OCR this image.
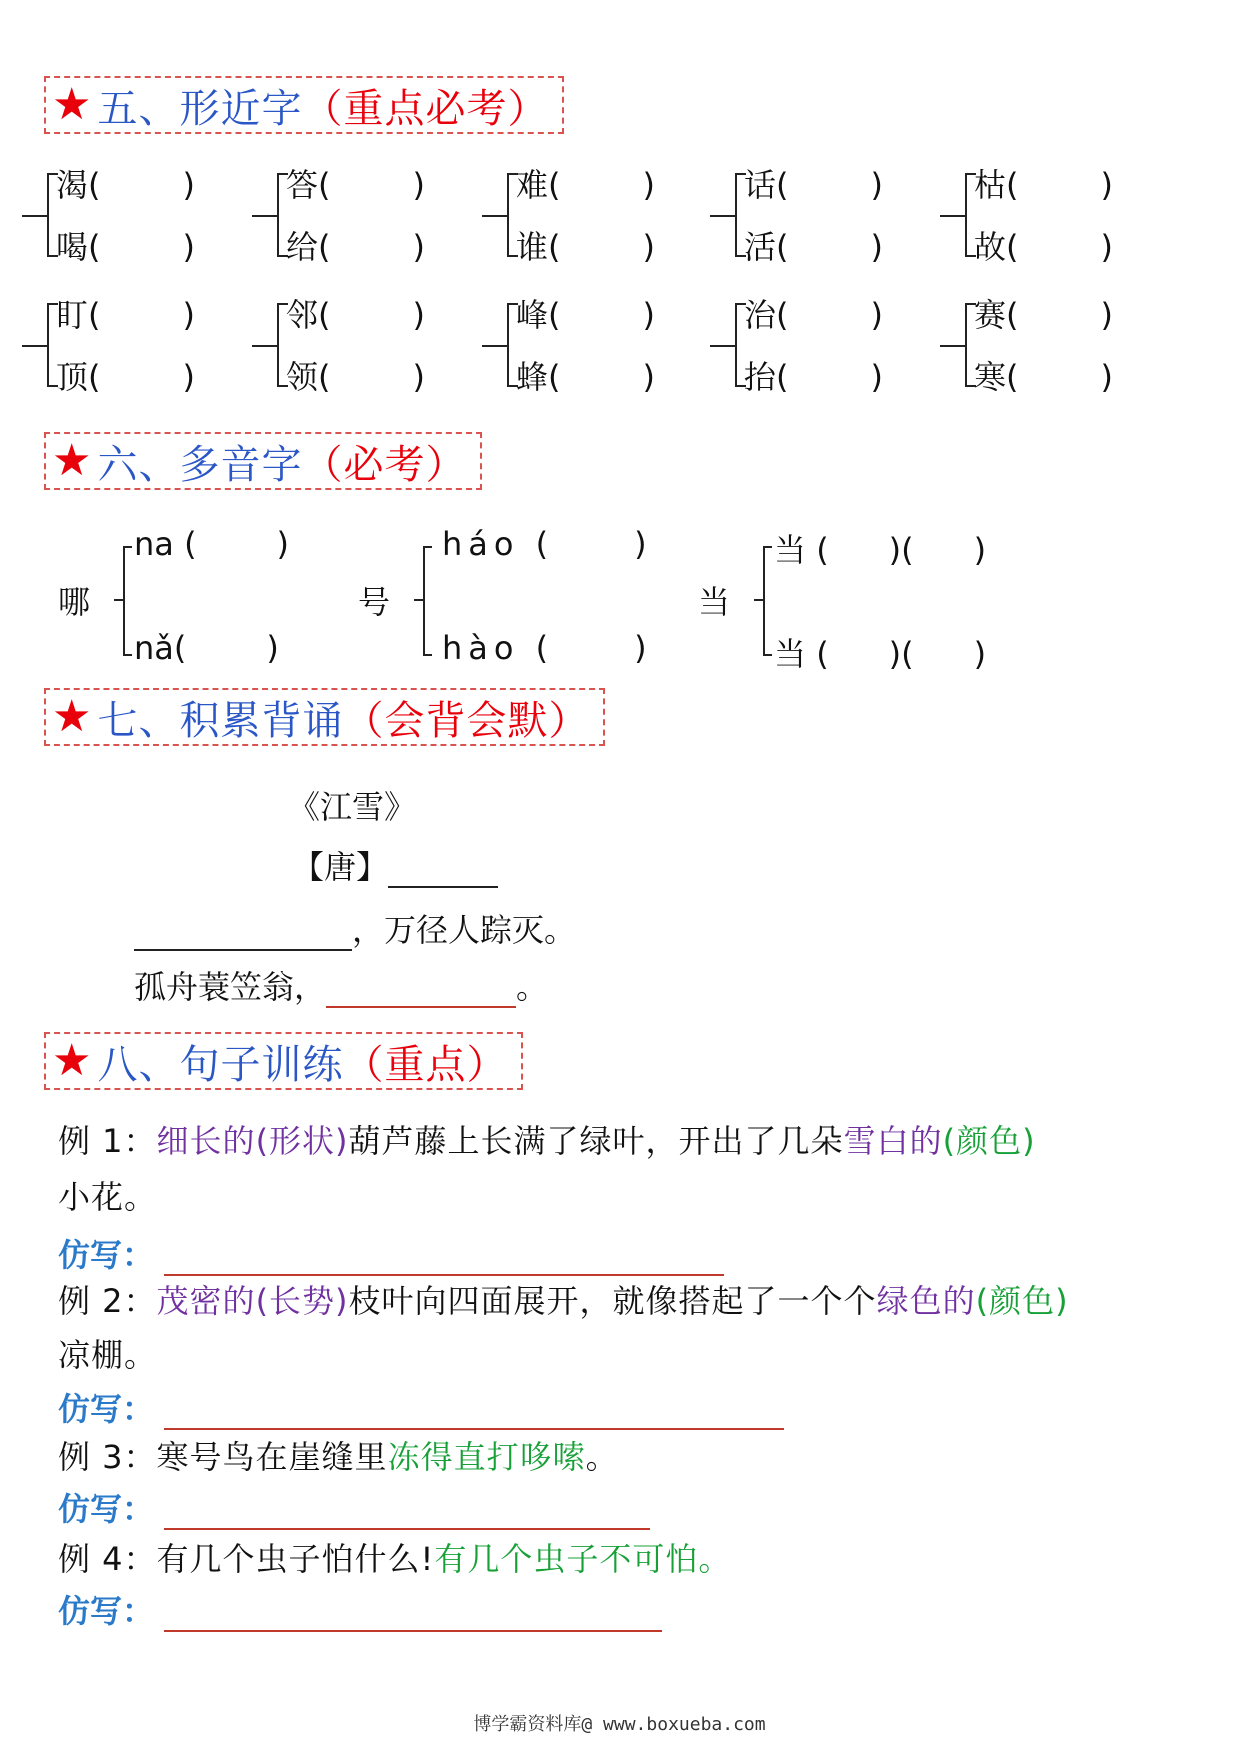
★ 五、形近字 （重点必考）
渴(	)
喝(	)
答(	)
给(	)
难(	)
谁(	)
话(	)
活(	)
枯(	)
故(	)
盯(	)
顶(	)
邻(	)
领(	)
峰(	)
蜂(	)
治(	)
抬(	)
赛(	)
寒(	)
★ 六、多音字 （必考）
哪
na (	)
nǎ(	)
号
háo (	)
hào (	)
当
当 ( )( )
当 ( )( )
★ 七、积累背诵 （会背会默）
《江雪》
【唐】
，万径人踪灭。
孤舟蓑笠翁，	。
★ 八、句子训练 （重点）
例 1：细长的(形状)葫芦藤上长满了绿叶，开出了几朵雪白的(颜色)
小花。
仿写：
例 2：茂密的(长势)枝叶向四面展开，就像搭起了一个个绿色的(颜色)
凉棚。
仿写：
例 3：寒号鸟在崖缝里冻得直打哆嗦。
仿写：
例 4：有几个虫子怕什么!有几个虫子不可怕。
仿写：
博学霸资料库@ www.boxueba.com
